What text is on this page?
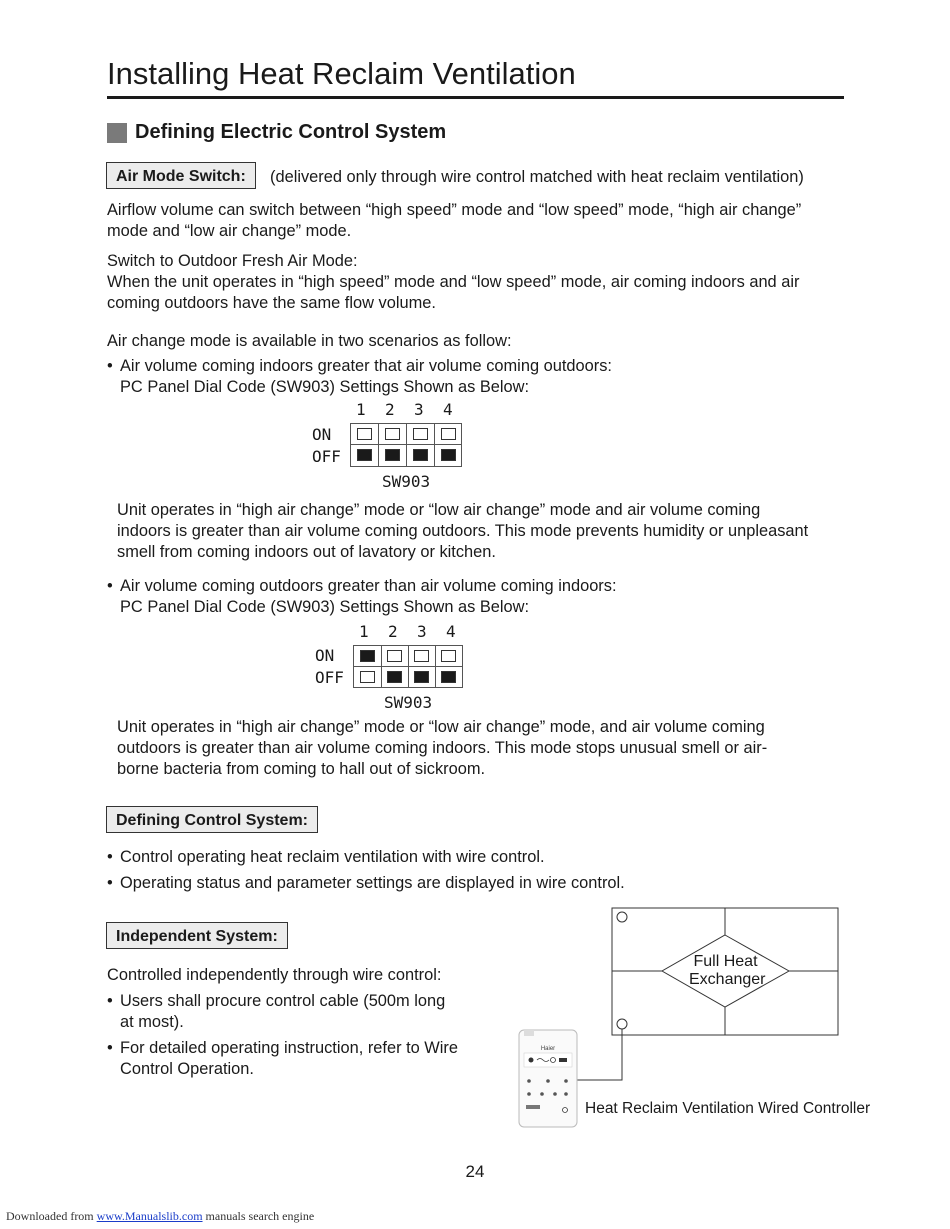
Installing Heat Reclaim Ventilation
Defining Electric Control System
Air Mode Switch:	(delivered only through wire control matched with heat reclaim ventilation)
Airflow volume can switch between “high speed” mode and “low speed” mode, “high air change”
mode and “low air change” mode.
Switch to Outdoor Fresh Air Mode:
When the unit operates in “high speed” mode and “low speed” mode, air coming indoors and air
coming outdoors have the same flow volume.
Air change mode is available in two scenarios as follow:
• Air volume coming indoors greater that air volume coming outdoors:
PC Panel Dial Code (SW903) Settings Shown as Below:
1 2 3 4
ON
OFF
SW903
Unit operates in “high air change” mode or “low air change” mode and air volume coming
indoors is greater than air volume coming outdoors. This mode prevents humidity or unpleasant
smell from coming indoors out of lavatory or kitchen.
• Air volume coming outdoors greater than air volume coming indoors:
PC Panel Dial Code (SW903) Settings Shown as Below:
1 2 3 4
ON
OFF
SW903
Unit operates in “high air change” mode or “low air change” mode, and air volume coming
outdoors is greater than air volume coming indoors. This mode stops unusual smell or air-
borne bacteria from coming to hall out of sickroom.
Defining Control System:
• Control operating heat reclaim ventilation with wire control.
• Operating status and parameter settings are displayed in wire control.
Independent System:
Controlled independently through wire control:
• Users shall procure control cable (500m long
at most).
• For detailed operating instruction, refer to Wire
Control Operation.
Haier
Full Heat
Exchanger
Heat Reclaim Ventilation Wired Controller
24
Downloaded from www.Manualslib.com manuals search engine
